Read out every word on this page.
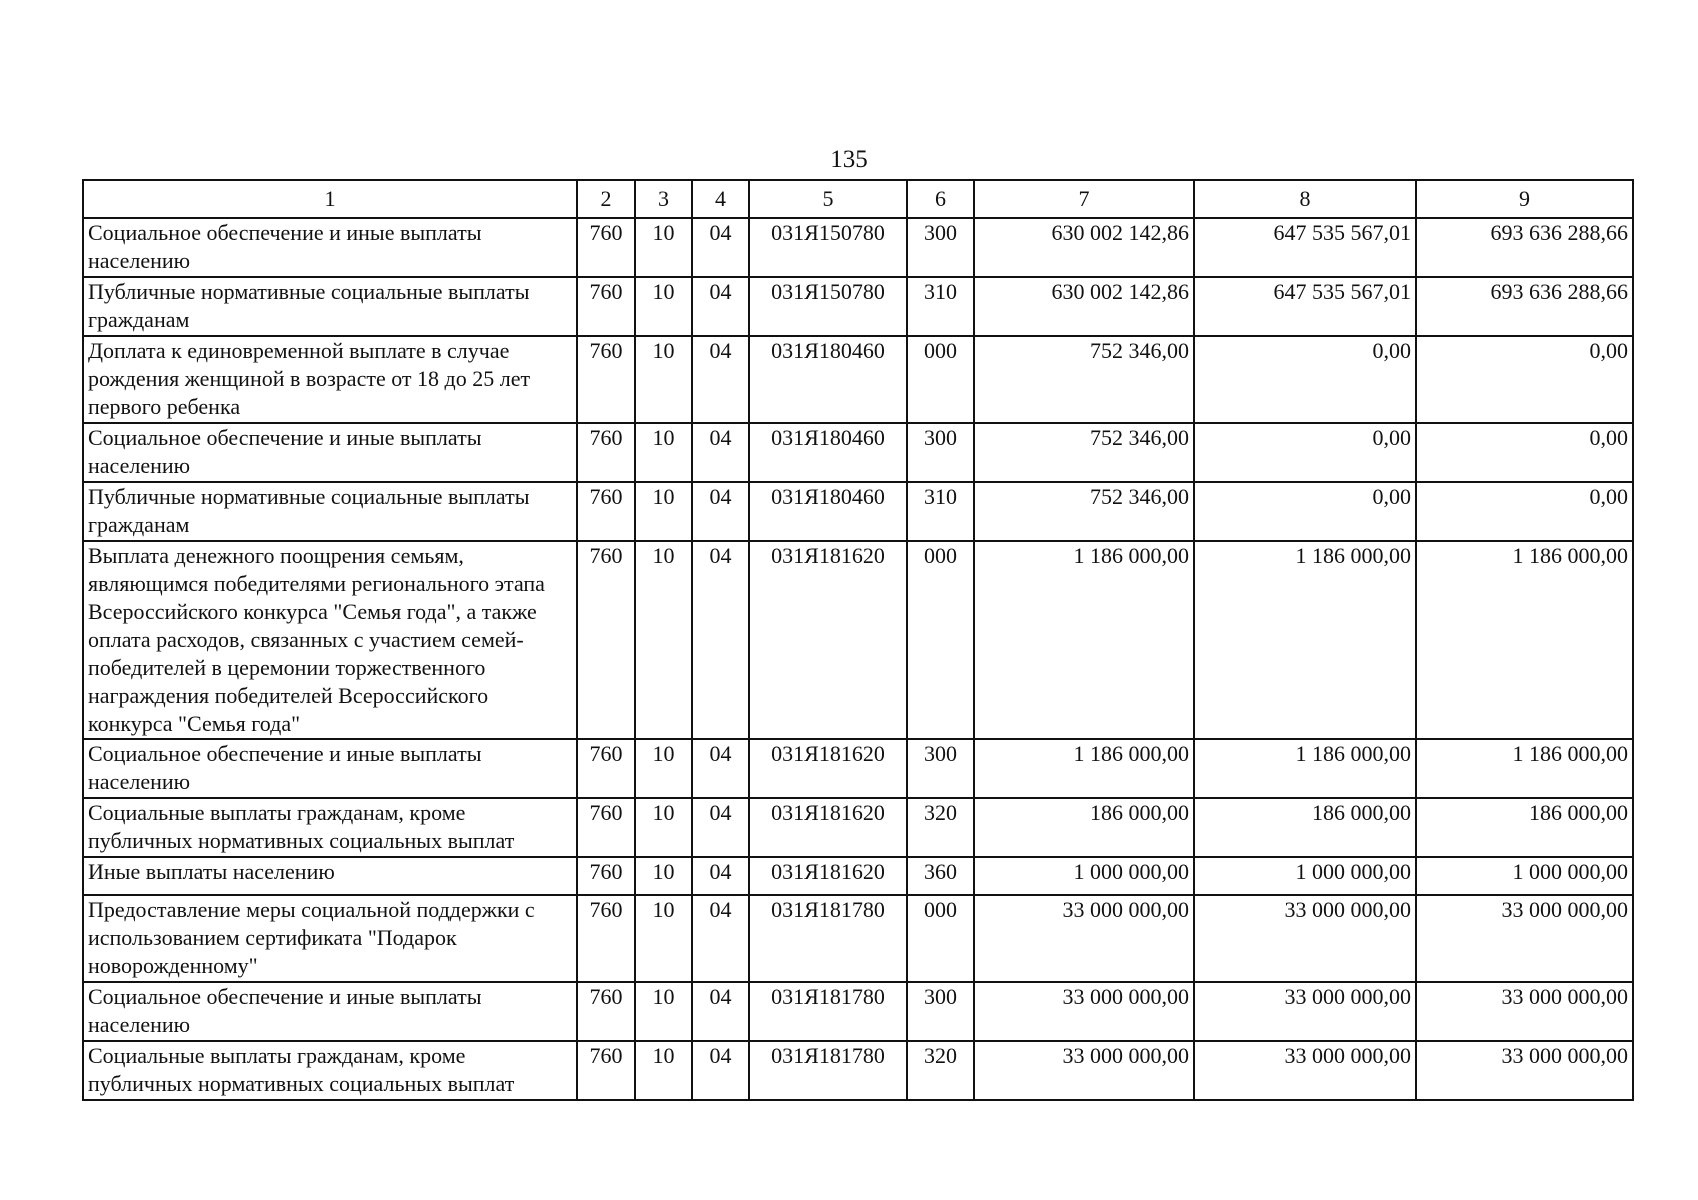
135
1	2	3	4	5	6	7	8	9
Социальное обеспечение и иные выплаты населению	760	10	04	031Я150780	300	630 002 142,86	647 535 567,01	693 636 288,66
Публичные нормативные социальные выплаты гражданам	760	10	04	031Я150780	310	630 002 142,86	647 535 567,01	693 636 288,66
Доплата к единовременной выплате в случае рождения женщиной в возрасте от 18 до 25 лет первого ребенка	760	10	04	031Я180460	000	752 346,00	0,00	0,00
Социальное обеспечение и иные выплаты населению	760	10	04	031Я180460	300	752 346,00	0,00	0,00
Публичные нормативные социальные выплаты гражданам	760	10	04	031Я180460	310	752 346,00	0,00	0,00
Выплата денежного поощрения семьям, являющимся победителями регионального этапа Всероссийского конкурса "Семья года", а также оплата расходов, связанных с участием семей-победителей в церемонии торжественного награждения победителей Всероссийского конкурса "Семья года"	760	10	04	031Я181620	000	1 186 000,00	1 186 000,00	1 186 000,00
Социальное обеспечение и иные выплаты населению	760	10	04	031Я181620	300	1 186 000,00	1 186 000,00	1 186 000,00
Социальные выплаты гражданам, кроме публичных нормативных социальных выплат	760	10	04	031Я181620	320	186 000,00	186 000,00	186 000,00
Иные выплаты населению	760	10	04	031Я181620	360	1 000 000,00	1 000 000,00	1 000 000,00
Предоставление меры социальной поддержки с использованием сертификата "Подарок новорожденному"	760	10	04	031Я181780	000	33 000 000,00	33 000 000,00	33 000 000,00
Социальное обеспечение и иные выплаты населению	760	10	04	031Я181780	300	33 000 000,00	33 000 000,00	33 000 000,00
Социальные выплаты гражданам, кроме публичных нормативных социальных выплат	760	10	04	031Я181780	320	33 000 000,00	33 000 000,00	33 000 000,00
